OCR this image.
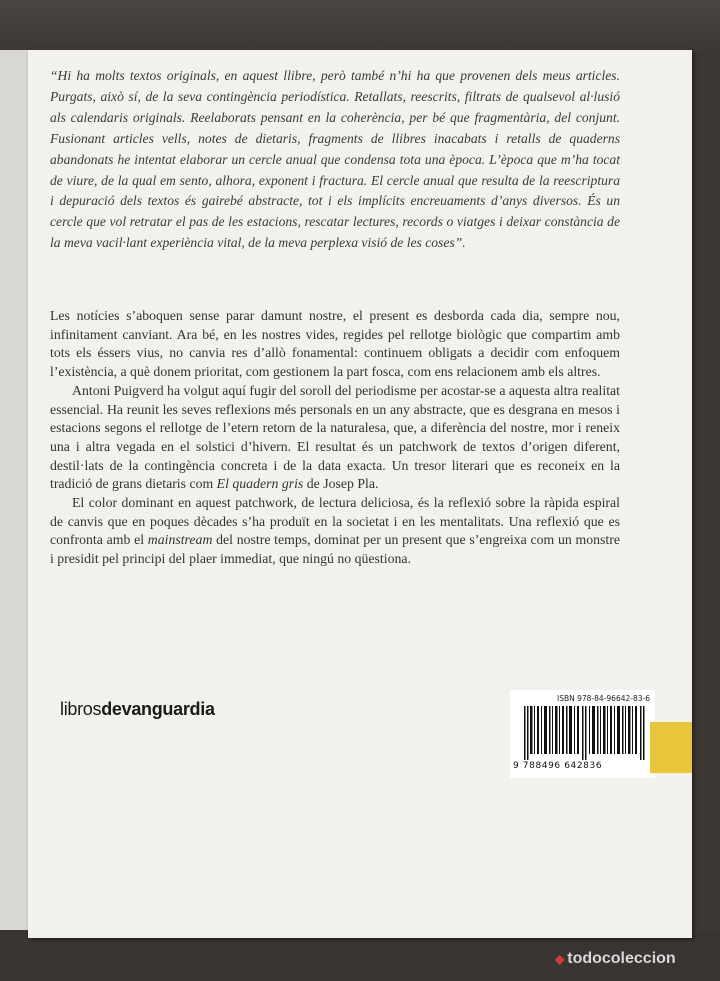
“Hi ha molts textos originals, en aquest llibre, però també n’hi ha que provenen dels meus articles. Purgats, això sí, de la seva contingència periodística. Retallats, reescrits, filtrats de qualsevol al·lusió als calendaris originals. Reelaborats pensant en la coherència, per bé que fragmentària, del conjunt. Fusionant articles vells, notes de dietaris, fragments de llibres inacabats i retalls de quaderns abandonats he intentat elaborar un cercle anual que condensa tota una època. L’època que m’ha tocat de viure, de la qual em sento, alhora, exponent i fractura. El cercle anual que resulta de la reescriptura i depuració dels textos és gairebé abstracte, tot i els implícits encreuaments d’anys diversos. És un cercle que vol retratar el pas de les estacions, rescatar lectures, records o viatges i deixar constància de la meva vacil·lant experiència vital, de la meva perplexa visió de les coses”.

Les notícies s’aboquen sense parar damunt nostre, el present es desborda cada dia, sempre nou, infinitament canviant. Ara bé, en les nostres vides, regides pel rellotge biològic que compartim amb tots els éssers vius, no canvia res d’allò fonamental: continuem obligats a decidir com enfoquem l’existència, a què donem prioritat, com gestionem la part fosca, com ens relacionem amb els altres.

Antoni Puigverd ha volgut aquí fugir del soroll del periodisme per acostar-se a aquesta altra realitat essencial. Ha reunit les seves reflexions més personals en un any abstracte, que es desgrana en mesos i estacions segons el rellotge de l’etern retorn de la naturalesa, que, a diferència del nostre, mor i reneix una i altra vegada en el solstici d’hivern. El resultat és un patchwork de textos d’origen diferent, destil·lats de la contingència concreta i de la data exacta. Un tresor literari que es reconeix en la tradició de grans dietaris com El quadern gris de Josep Pla.

El color dominant en aquest patchwork, de lectura deliciosa, és la reflexió sobre la ràpida espiral de canvis que en poques dècades s’ha produït en la societat i en les mentalitats. Una reflexió que es confronta amb el mainstream del nostre temps, dominat per un present que s’engreixa com un monstre i presidit pel principi del plaer immediat, que ningú no qüestiona.

ISBN 978-84-96642-83-6

9 788496 642836

librosdevanguardia

◆ todocoleccion
